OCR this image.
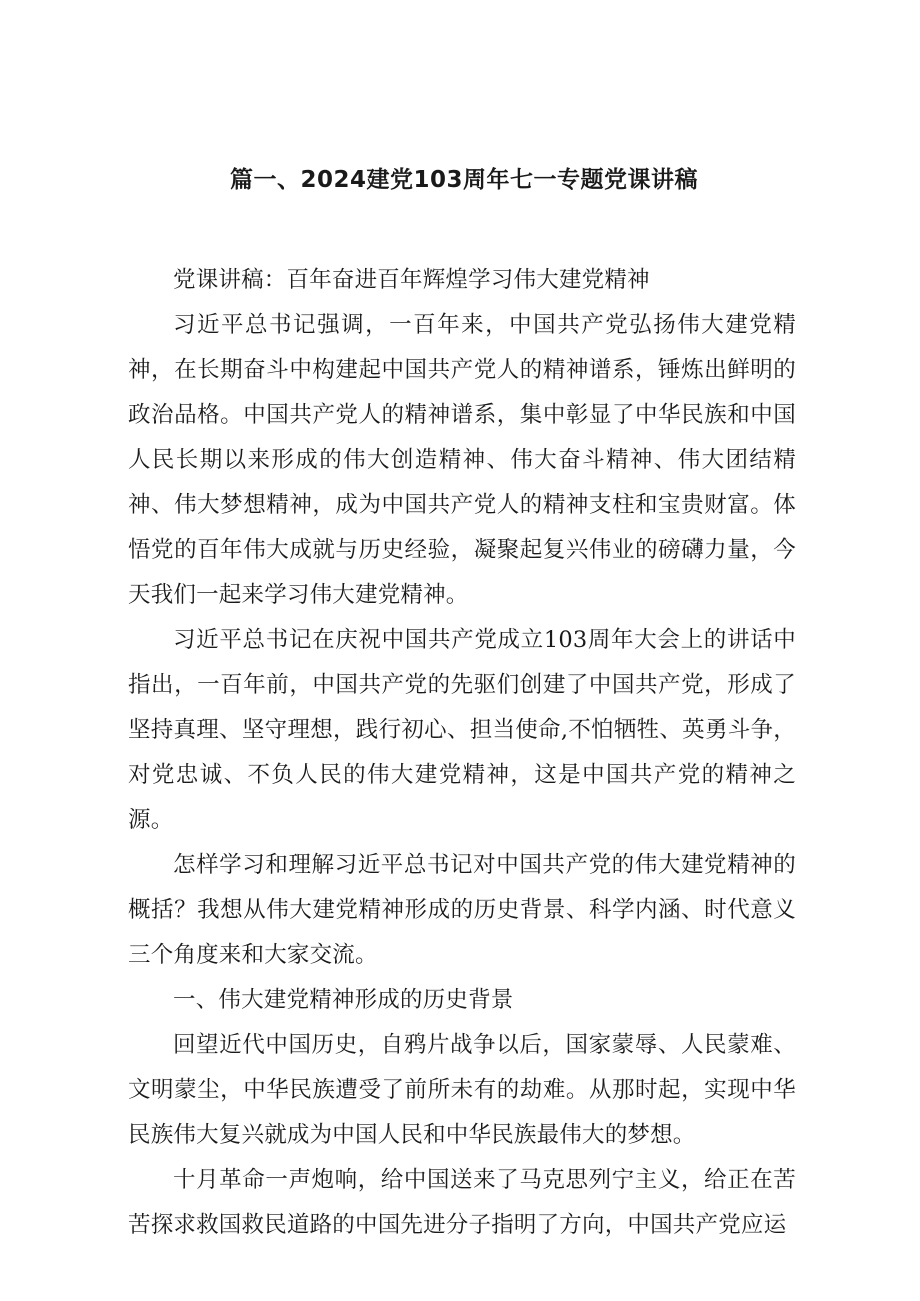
篇一、2024建党103周年七一专题党课讲稿

党课讲稿：百年奋进百年辉煌学习伟大建党精神

习近平总书记强调，一百年来，中国共产党弘扬伟大建党精神，在长期奋斗中构建起中国共产党人的精神谱系，锤炼出鲜明的政治品格。中国共产党人的精神谱系，集中彰显了中华民族和中国人民长期以来形成的伟大创造精神、伟大奋斗精神、伟大团结精神、伟大梦想精神，成为中国共产党人的精神支柱和宝贵财富。体悟党的百年伟大成就与历史经验，凝聚起复兴伟业的磅礴力量，今天我们一起来学习伟大建党精神。

习近平总书记在庆祝中国共产党成立103周年大会上的讲话中指出，一百年前，中国共产党的先驱们创建了中国共产党，形成了坚持真理、坚守理想，践行初心、担当使命,不怕牺牲、英勇斗争，对党忠诚、不负人民的伟大建党精神，这是中国共产党的精神之源。

怎样学习和理解习近平总书记对中国共产党的伟大建党精神的概括？我想从伟大建党精神形成的历史背景、科学内涵、时代意义三个角度来和大家交流。

一、伟大建党精神形成的历史背景

回望近代中国历史，自鸦片战争以后，国家蒙辱、人民蒙难、文明蒙尘，中华民族遭受了前所未有的劫难。从那时起，实现中华民族伟大复兴就成为中国人民和中华民族最伟大的梦想。

十月革命一声炮响，给中国送来了马克思列宁主义，给正在苦苦探求救国救民道路的中国先进分子指明了方向，中国共产党应运
